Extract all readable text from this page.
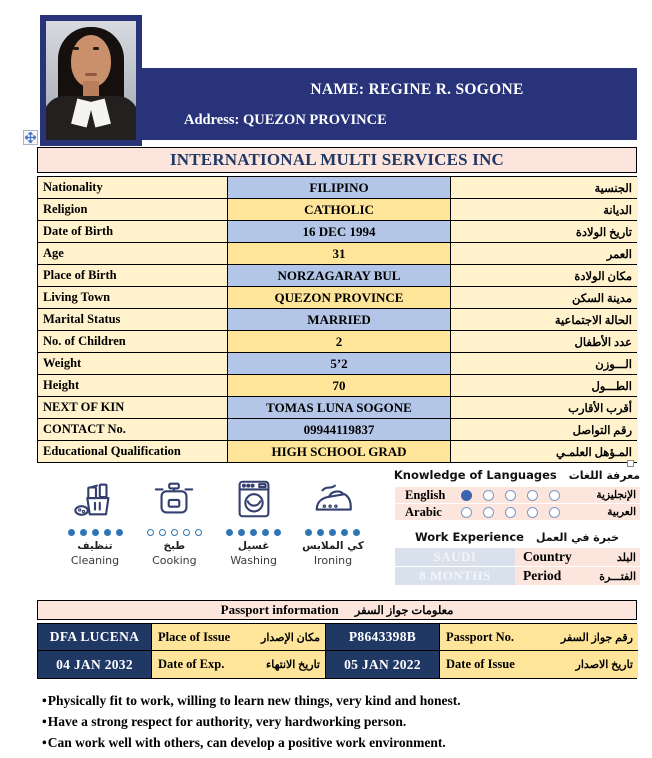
NAME: REGINE R. SOGONE
Address: QUEZON PROVINCE
INTERNATIONAL MULTI SERVICES INC
Nationality	FILIPINO	الجنسية
Religion	CATHOLIC	الديانة
Date of Birth	16 DEC 1994	تاريخ الولادة
Age	31	العمر
Place of Birth	NORZAGARAY BUL	مكان الولادة
Living Town	QUEZON PROVINCE	مدينة السكن
Marital Status	MARRIED	الحالة الاجتماعية
No. of Children	2	عدد الأطفال
Weight	5’2	الـــوزن
Height	70	الطـــول
NEXT OF KIN	TOMAS LUNA SOGONE	أقرب الأقارب
CONTACT No.	09944119837	رقم التواصل
Educational Qualification	HIGH SCHOOL GRAD	المـؤهل العلمـي
تنظيف
Cleaning
طبخ
Cooking
غسيل
Washing
كي الملابس
Ironing
Knowledge of Languages معرفة اللغات
English	الإنجليزية
Arabic	العربية
Work Experience خبرة في العمل
SAUDI	Country	البلد
8 MONTHS	Period	الفتـــرة
Passport information معلومات جواز السفر
DFA LUCENA	Place of Issue	مكان الإصدار	P8643398B	Passport No.	رقم جواز السفر
04 JAN 2032	Date of Exp.	تاريخ الانتهاء	05 JAN 2022	Date of Issue	تاريخ الاصدار

• Physically fit to work, willing to learn new things, very kind and honest.

• Have a strong respect for authority, very hardworking person.

• Can work well with others, can develop a positive work environment.
